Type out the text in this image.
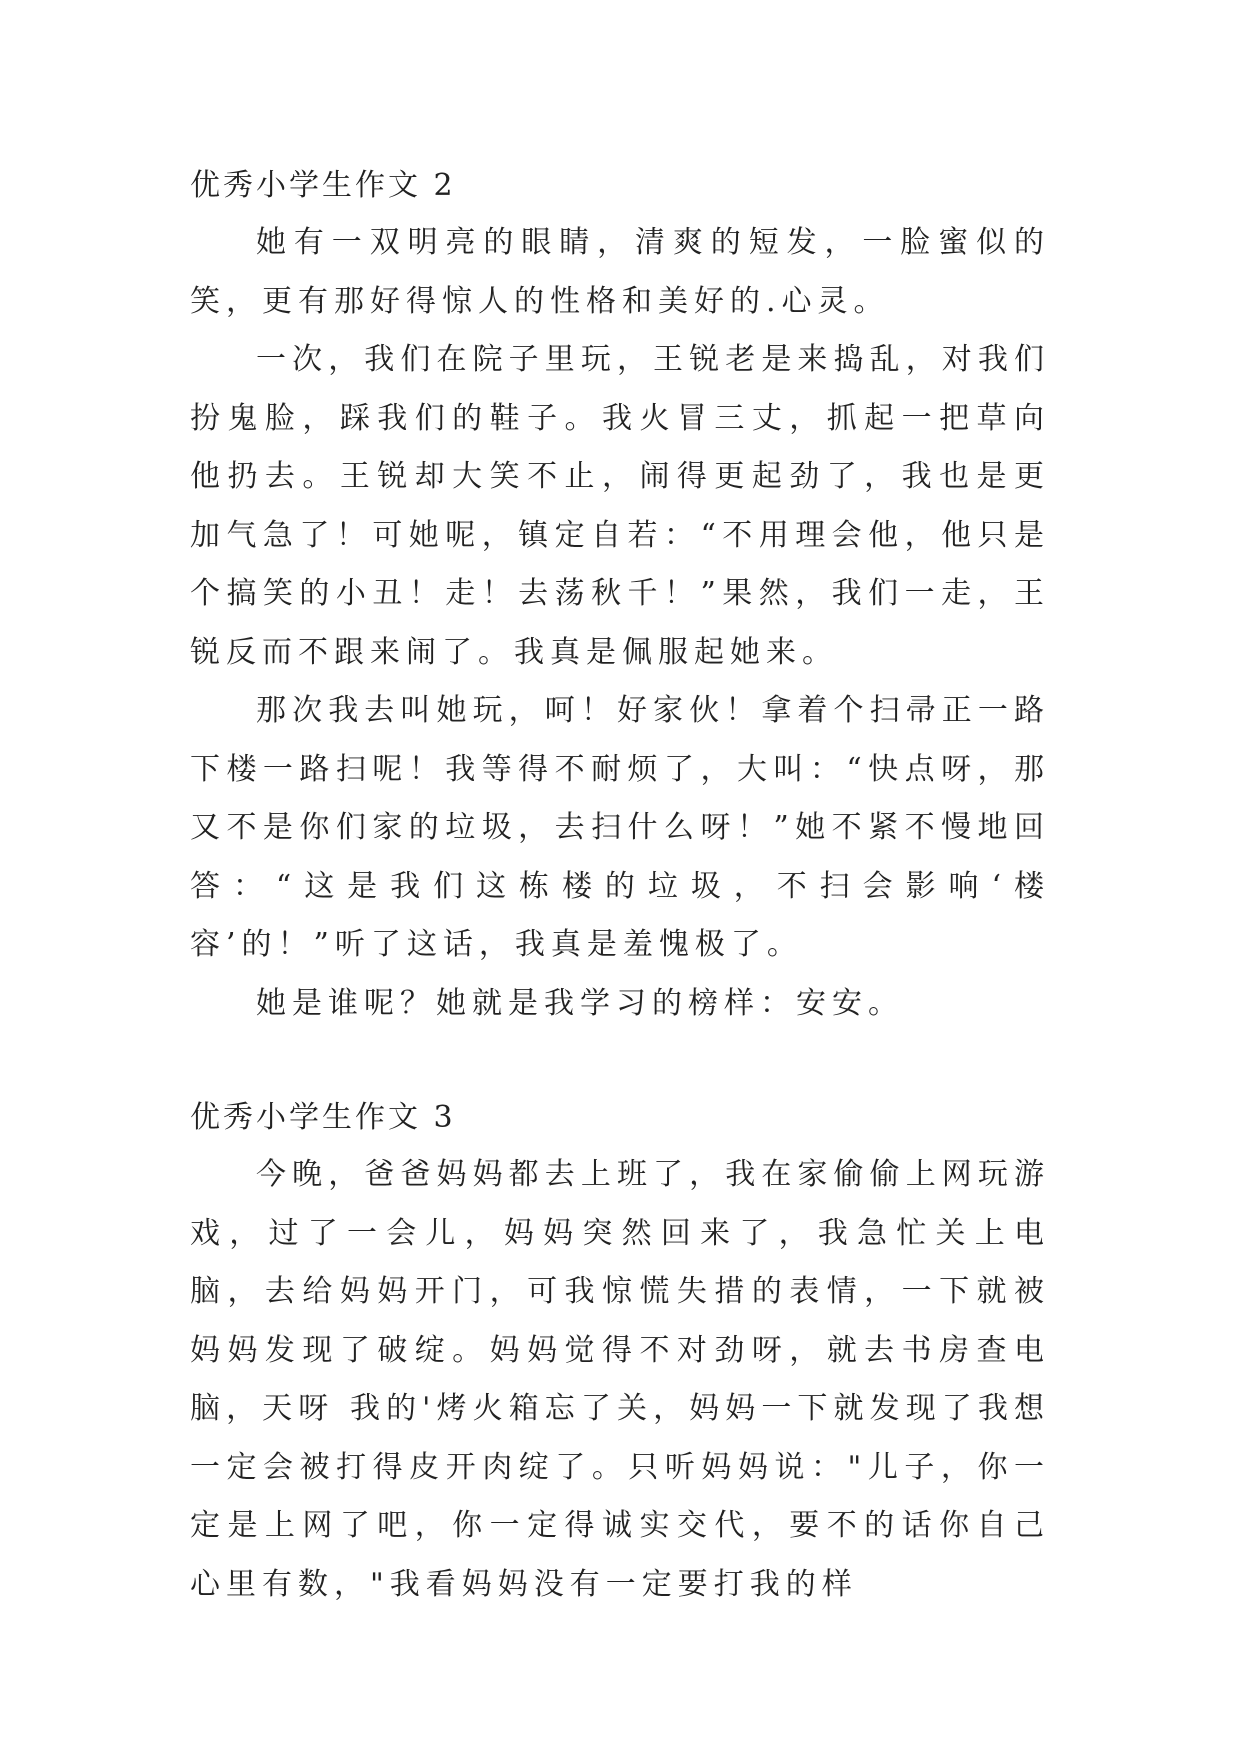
优秀小学生作文 2

她有一双明亮的眼睛，清爽的短发，一脸蜜似的笑，更有那好得惊人的性格和美好的.心灵。

一次，我们在院子里玩，王锐老是来捣乱，对我们扮鬼脸，踩我们的鞋子。我火冒三丈，抓起一把草向他扔去。王锐却大笑不止，闹得更起劲了，我也是更加气急了！可她呢，镇定自若：“不用理会他，他只是个搞笑的小丑！走！去荡秋千！”果然，我们一走，王锐反而不跟来闹了。我真是佩服起她来。

那次我去叫她玩，呵！好家伙！拿着个扫帚正一路下楼一路扫呢！我等得不耐烦了，大叫：“快点呀，那又不是你们家的垃圾，去扫什么呀！”她不紧不慢地回答：“这是我们这栋楼的垃圾，不扫会影响‘楼容’的！”听了这话，我真是羞愧极了。

她是谁呢？她就是我学习的榜样：安安。

优秀小学生作文 3

今晚，爸爸妈妈都去上班了，我在家偷偷上网玩游戏，过了一会儿，妈妈突然回来了，我急忙关上电脑，去给妈妈开门，可我惊慌失措的表情，一下就被妈妈发现了破绽。妈妈觉得不对劲呀，就去书房查电脑，天呀 我的'烤火箱忘了关，妈妈一下就发现了我想一定会被打得皮开肉绽了。只听妈妈说："儿子，你一定是上网了吧，你一定得诚实交代，要不的话你自己心里有数，"我看妈妈没有一定要打我的样
